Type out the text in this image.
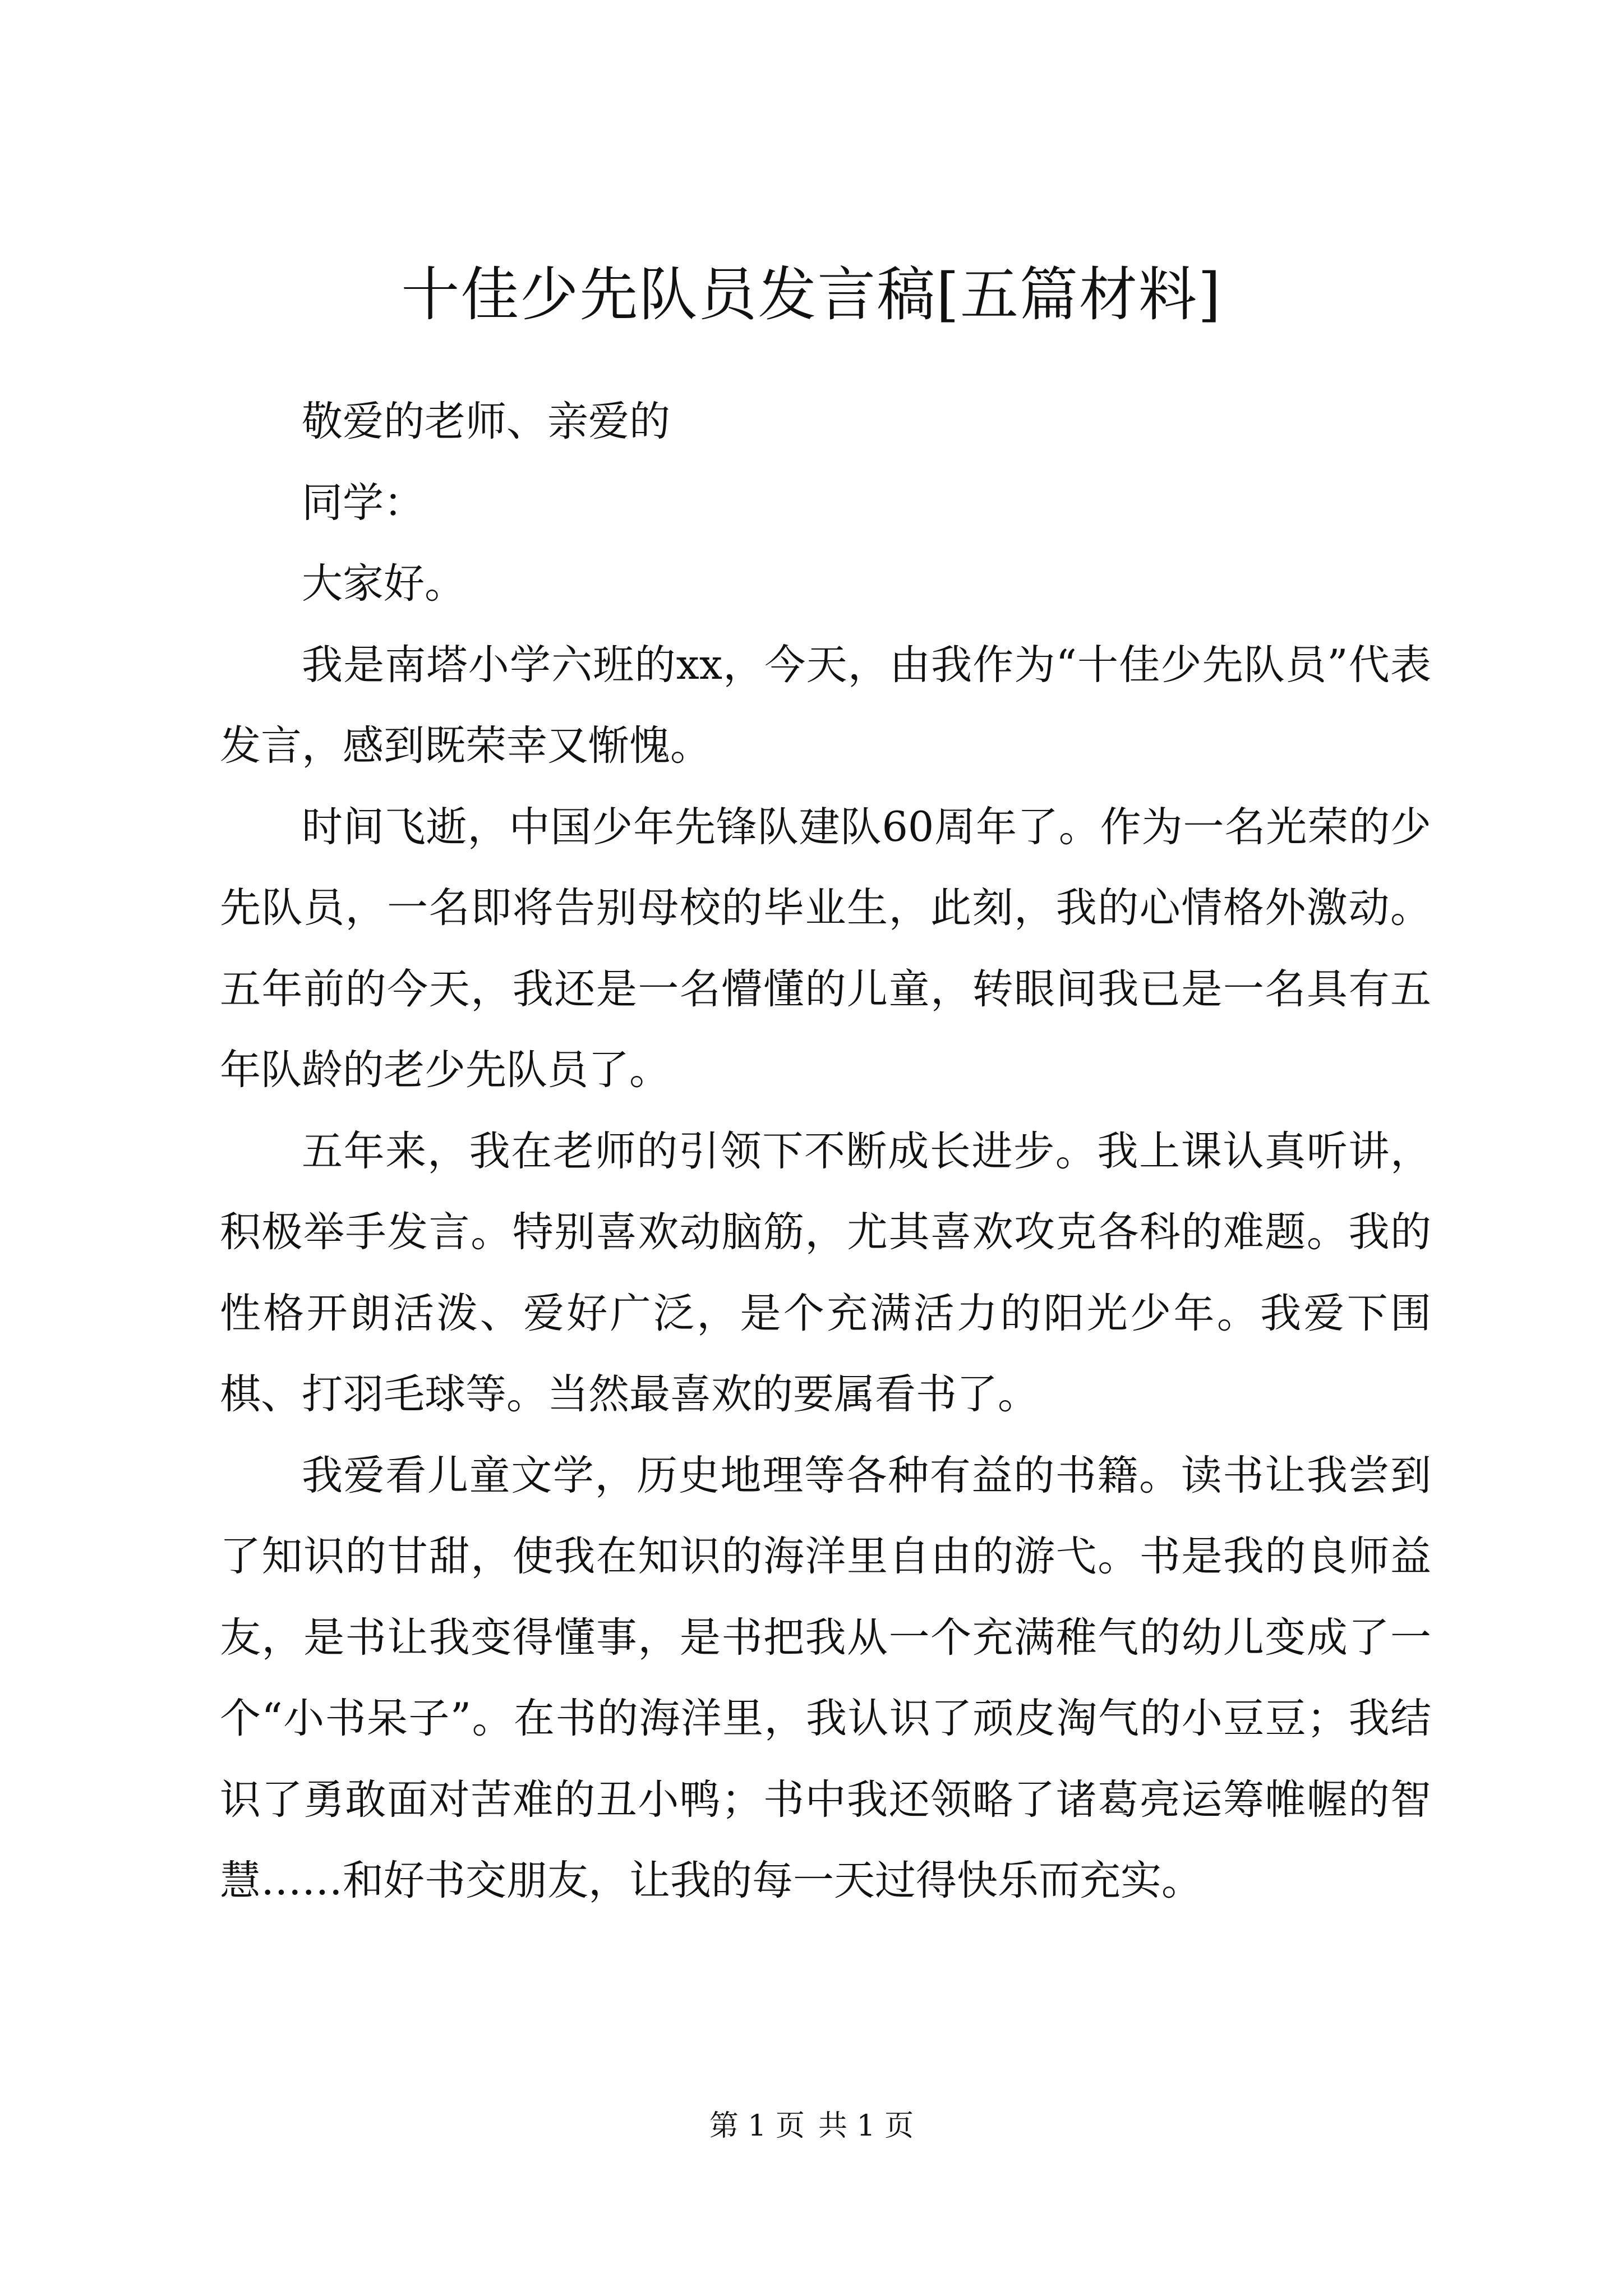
十佳少先队员发言稿[五篇材料]

敬爱的老师、亲爱的

同学：

大家好。

我是南塔小学六班的xx，今天，由我作为“十佳少先队员”代表发言，感到既荣幸又惭愧。

时间飞逝，中国少年先锋队建队60周年了。作为一名光荣的少先队员，一名即将告别母校的毕业生，此刻，我的心情格外激动。五年前的今天，我还是一名懵懂的儿童，转眼间我已是一名具有五年队龄的老少先队员了。

五年来，我在老师的引领下不断成长进步。我上课认真听讲，积极举手发言。特别喜欢动脑筋，尤其喜欢攻克各科的难题。我的性格开朗活泼、爱好广泛，是个充满活力的阳光少年。我爱下围棋、打羽毛球等。当然最喜欢的要属看书了。

我爱看儿童文学，历史地理等各种有益的书籍。读书让我尝到了知识的甘甜，使我在知识的海洋里自由的游弋。书是我的良师益友，是书让我变得懂事，是书把我从一个充满稚气的幼儿变成了一个“小书呆子”。在书的海洋里，我认识了顽皮淘气的小豆豆；我结识了勇敢面对苦难的丑小鸭；书中我还领略了诸葛亮运筹帷幄的智慧……和好书交朋友，让我的每一天过得快乐而充实。

第 1 页 共 1 页
